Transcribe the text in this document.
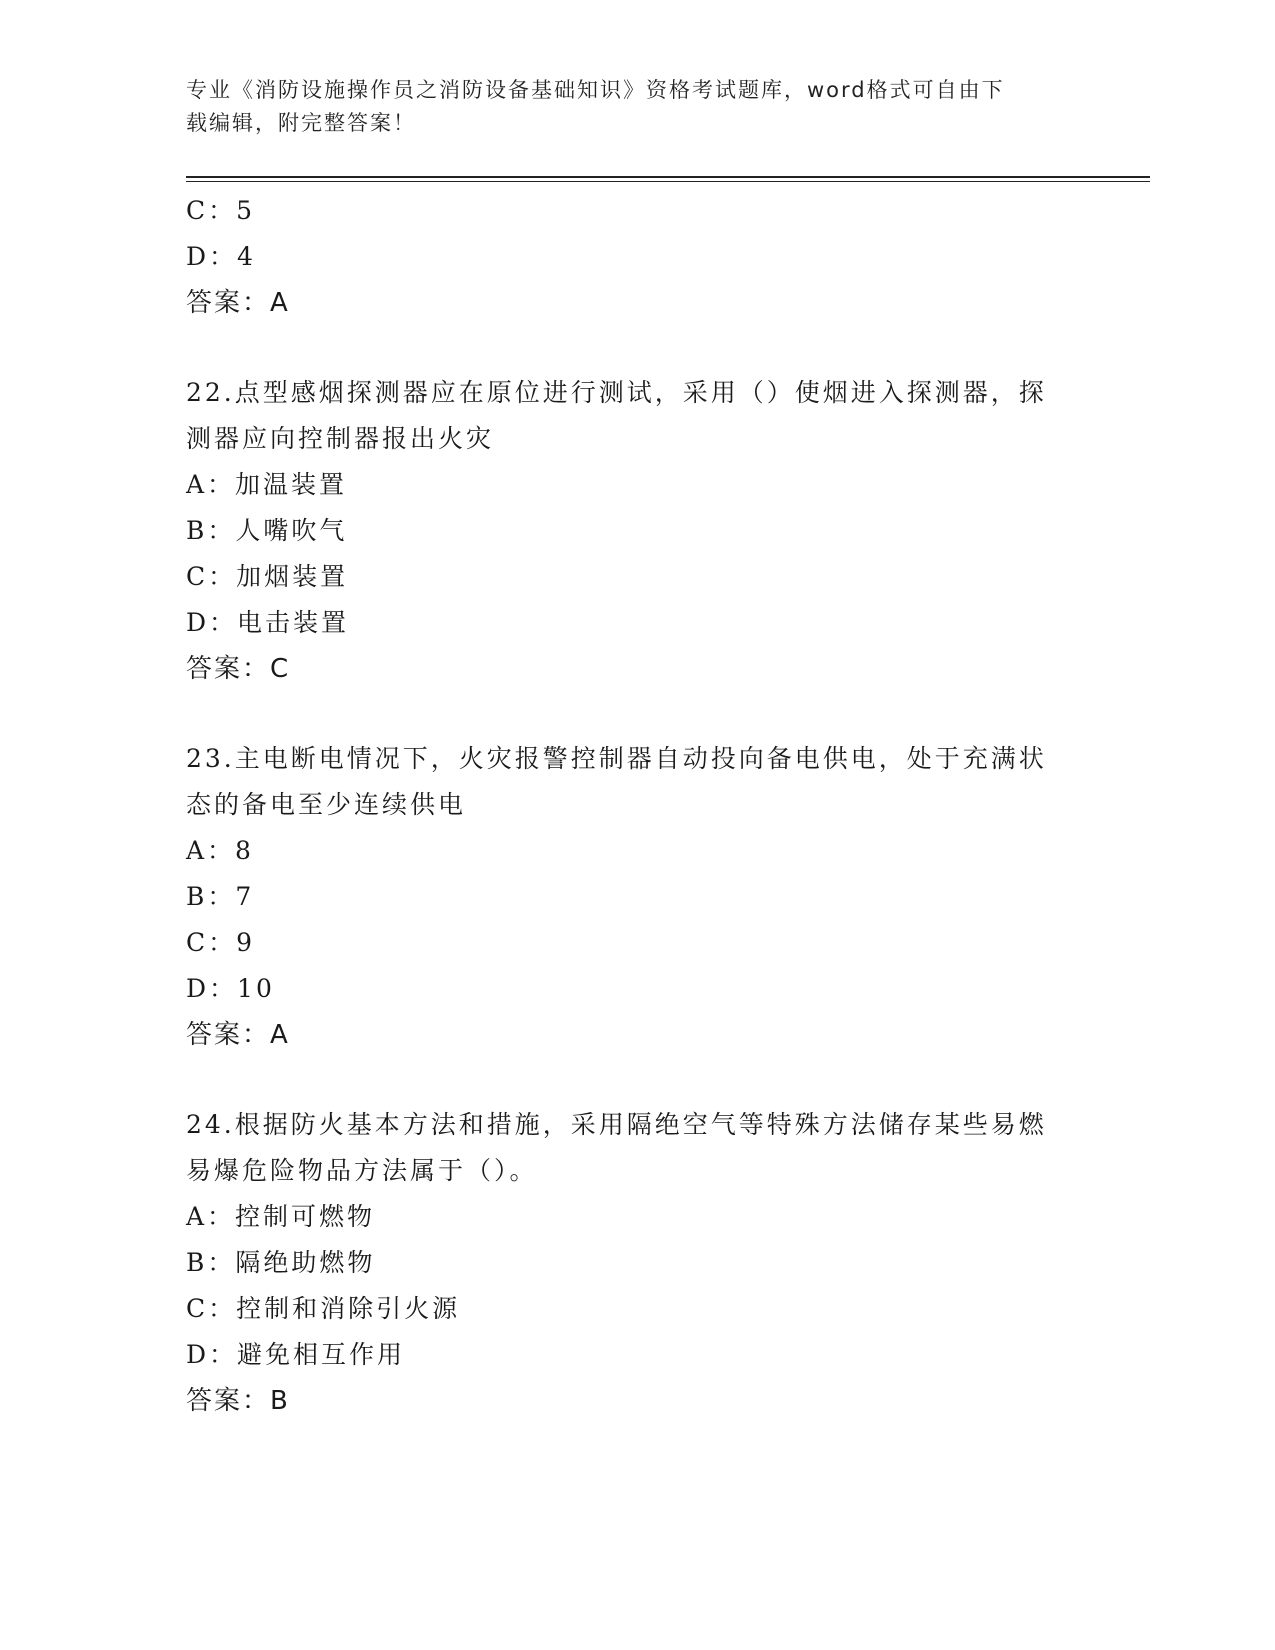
专业《消防设施操作员之消防设备基础知识》资格考试题库，word格式可自由下
载编辑，附完整答案！
C：5
D：4
答案：A
22.点型感烟探测器应在原位进行测试，采用（）使烟进入探测器，探
测器应向控制器报出火灾
A：加温装置
B：人嘴吹气
C：加烟装置
D：电击装置
答案：C
23.主电断电情况下，火灾报警控制器自动投向备电供电，处于充满状
态的备电至少连续供电
A：8
B：7
C：9
D：10
答案：A
24.根据防火基本方法和措施，采用隔绝空气等特殊方法储存某些易燃
易爆危险物品方法属于（）。
A：控制可燃物
B：隔绝助燃物
C：控制和消除引火源
D：避免相互作用
答案：B
